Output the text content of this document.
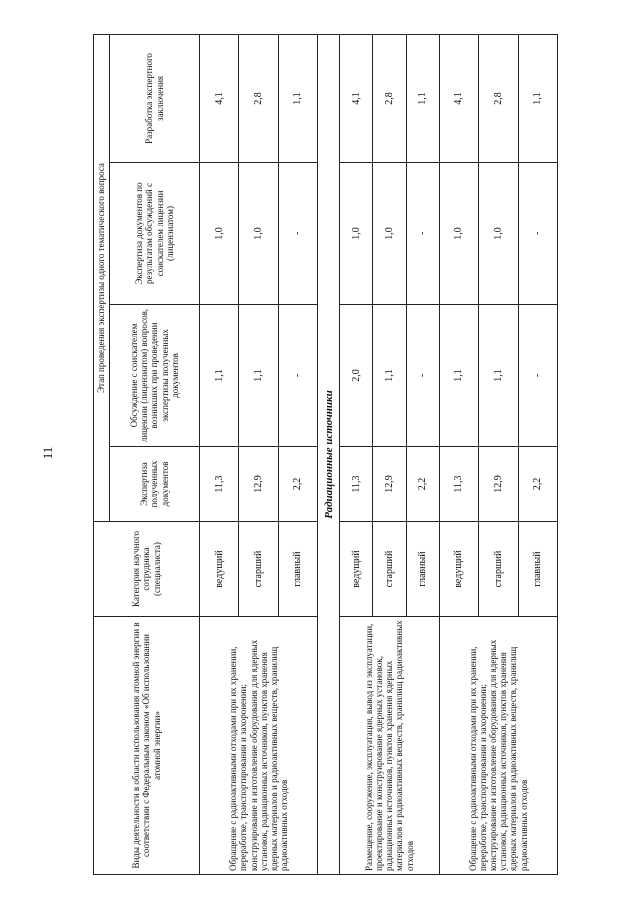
11
Виды деятельности в области использования атомной энергии в соответствии с Федеральным законом «Об использовании атомной энергии»	Категория научного сотрудника (специалиста)	Этап проведения экспертизы одного тематического вопроса			
		Экспертиза полученных документов	Обсуждение с соискателем лицензии (лицензиатом) вопросов, возникших при проведении экспертизы полученных документов	Экспертиза документов по результатам обсуждений с соискателем лицензии (лицензиатом)	Разработка экспертного заключения
Обращение с радиоактивными отходами при их хранении, переработке, транспортировании и захоронении; конструирование и изготовление оборудования для ядерных установок, радиационных источников, пунктов хранения ядерных материалов и радиоактивных веществ, хранилищ радиоактивных отходов	ведущий	11,3	1,1	1,0	4,1
	старший	12,9	1,1	1,0	2,8
	главный	2,2	-	-	1,1
Радиационные источники					
Размещение, сооружение, эксплуатация, вывод из эксплуатации, проектирование и конструирование ядерных установок, радиационных источников, пунктов хранения ядерных материалов и радиоактивных веществ, хранилищ радиоактивных отходов	ведущий	11,3	2,0	1,0	4,1
	старший	12,9	1,1	1,0	2,8
	главный	2,2	-	-	1,1
Обращение с радиоактивными отходами при их хранении, переработке, транспортировании и захоронении; конструирование и изготовление оборудования для ядерных установок, радиационных источников, пунктов хранения ядерных материалов и радиоактивных веществ, хранилищ радиоактивных отходов	ведущий	11,3	1,1	1,0	4,1
	старший	12,9	1,1	1,0	2,8
	главный	2,2	-	-	1,1
